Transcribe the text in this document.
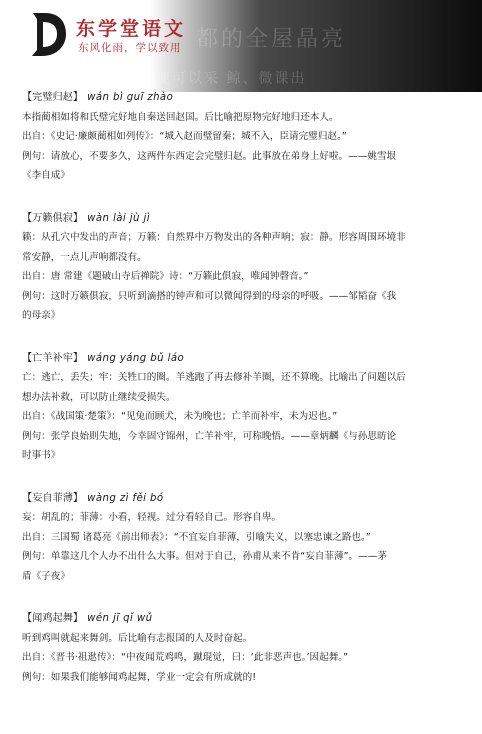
东学堂语文
东风化雨，学以致用 都的全屋晶亮
随便可以采 鲸、微课出
【完璧归赵】 wán bì guī zhào
本指蔺相如将和氏璧完好地自秦送回赵国。后比喻把原物完好地归还本人。
出自：《史记·廉颇蔺相如列传》：“城入赵而璧留秦；城不入，臣请完璧归赵。”
例句：请放心，不要多久，这两件东西定会完璧归赵。此事放在弟身上好啦。——姚雪垠
《李自成》
【万籁俱寂】 wàn lài jù jì
籁：从孔穴中发出的声音；万籁：自然界中万物发出的各种声响；寂：静。形容周围环境非
常安静，一点儿声响都没有。
出自：唐 常建《题破山寺后禅院》诗：“万籁此俱寂，唯闻钟磬音。”
例句：这时万籁俱寂，只听到滴搭的钟声和可以微闻得到的母亲的呼吸。——邹韬奋《我
的母亲》
【亡羊补牢】 wáng yáng bǔ láo
亡：逃亡，丢失；牢：关牲口的圈。羊逃跑了再去修补羊圈，还不算晚。比喻出了问题以后
想办法补救，可以防止继续受损失。
出自：《战国策·楚策》：“见兔而顾犬，未为晚也；亡羊而补牢，未为迟也。”
例句：张学良始则失地，今幸固守锦州，亡羊补牢，可称晚悟。——章炳麟《与孙思昉论
时事书》
【妄自菲薄】 wàng zì fěi bó
妄：胡乱的；菲薄：小看，轻视。过分看轻自己。形容自卑。
出自：三国蜀 诸葛亮《前出师表》：“不宜妄自菲薄，引喻失义，以塞忠谏之路也。”
例句：单靠这几个人办不出什么大事。但对于自己，孙甫从来不肯“妄自菲薄”。——茅
盾《子夜》
【闻鸡起舞】 wén jī qǐ wǔ
听到鸡叫就起来舞剑。后比喻有志报国的人及时奋起。
出自：《晋书·祖逖传》：“中夜闻荒鸡鸣，蹴琨觉，曰：‘此非恶声也。’因起舞。”
例句：如果我们能够闻鸡起舞，学业一定会有所成就的!
